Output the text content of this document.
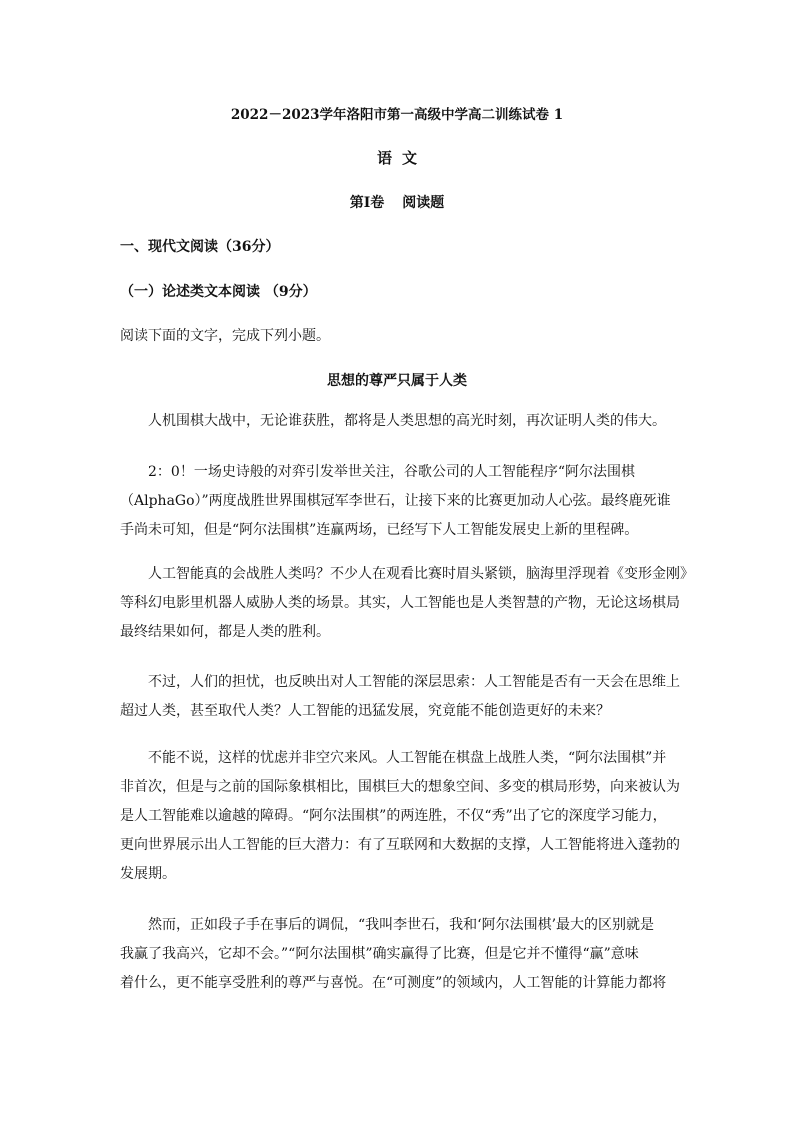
2022－2023学年洛阳市第一高级中学高二训练试卷 1
语文
第Ⅰ卷 阅读题
一、现代文阅读（36分）
（一）论述类文本阅读 （9分）
阅读下面的文字，完成下列小题。
思想的尊严只属于人类
人机围棋大战中，无论谁获胜，都将是人类思想的高光时刻，再次证明人类的伟大。
2：0！一场史诗般的对弈引发举世关注，谷歌公司的人工智能程序“阿尔法围棋
（AlphaGo）”两度战胜世界围棋冠军李世石，让接下来的比赛更加动人心弦。最终鹿死谁
手尚未可知，但是“阿尔法围棋”连赢两场，已经写下人工智能发展史上新的里程碑。
人工智能真的会战胜人类吗？不少人在观看比赛时眉头紧锁，脑海里浮现着《变形金刚》
等科幻电影里机器人威胁人类的场景。其实，人工智能也是人类智慧的产物，无论这场棋局
最终结果如何，都是人类的胜利。
不过，人们的担忧，也反映出对人工智能的深层思索：人工智能是否有一天会在思维上
超过人类，甚至取代人类？人工智能的迅猛发展，究竟能不能创造更好的未来？
不能不说，这样的忧虑并非空穴来风。人工智能在棋盘上战胜人类，“阿尔法围棋”并
非首次，但是与之前的国际象棋相比，围棋巨大的想象空间、多变的棋局形势，向来被认为
是人工智能难以逾越的障碍。“阿尔法围棋”的两连胜，不仅“秀”出了它的深度学习能力，
更向世界展示出人工智能的巨大潜力：有了互联网和大数据的支撑，人工智能将进入蓬勃的
发展期。
然而，正如段子手在事后的调侃，“我叫李世石，我和‘阿尔法围棋’最大的区别就是
我赢了我高兴，它却不会。”“阿尔法围棋”确实赢得了比赛，但是它并不懂得“赢”意味
着什么，更不能享受胜利的尊严与喜悦。在“可测度”的领域内，人工智能的计算能力都将
